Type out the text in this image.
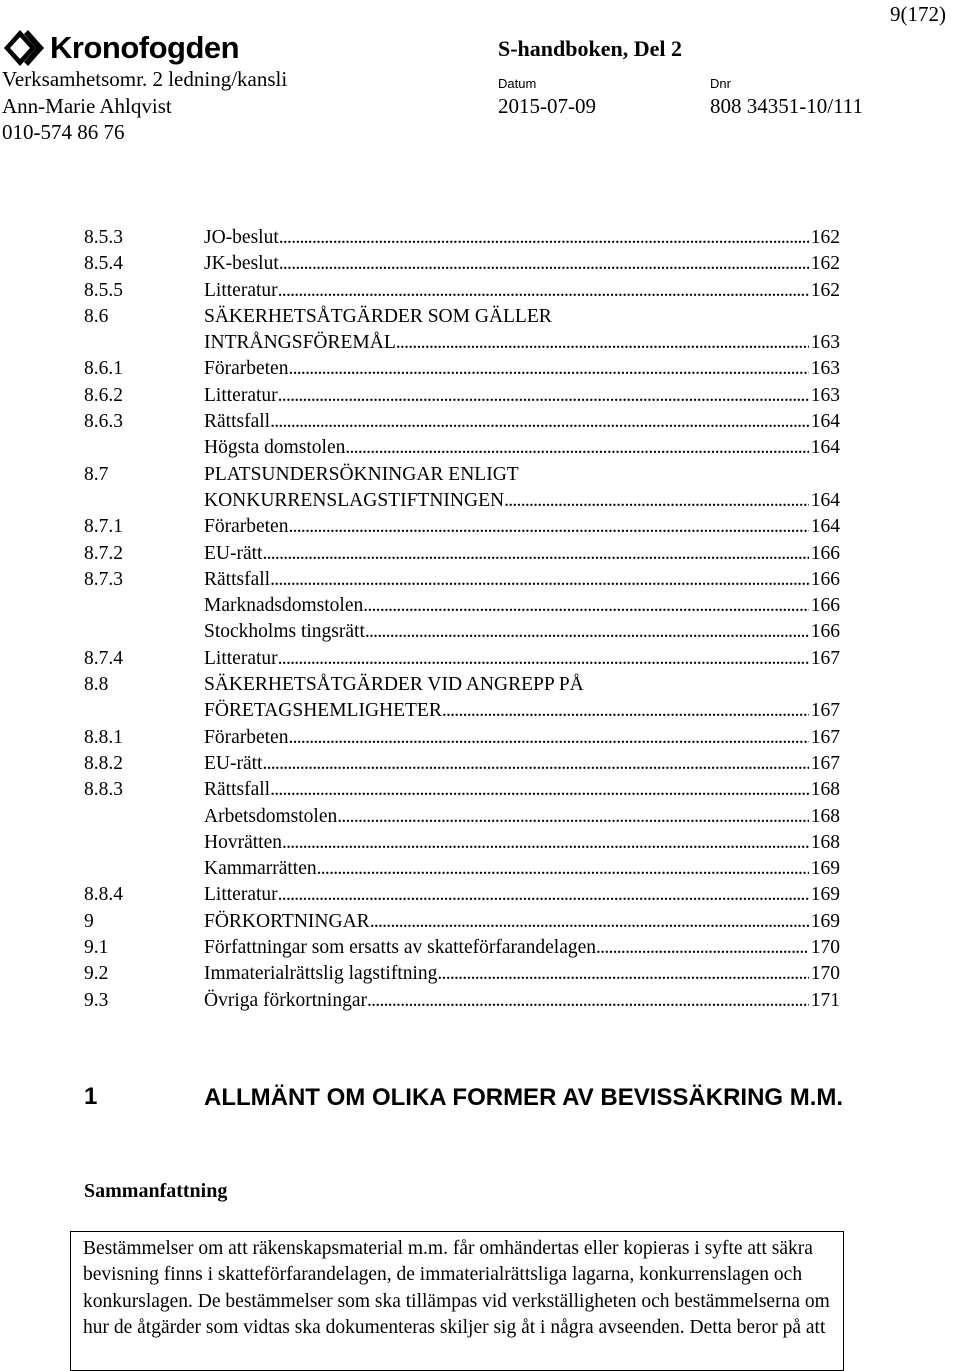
Kronofogden
9(172)
S-handboken, Del 2
Verksamhetsomr. 2 ledning/kansli	Datum	Dnr
Ann-Marie Ahlqvist	2015-07-09	808 34351-10/111
010-574 86 76
8.5.3	JO-beslut . . .	162
8.5.4	JK-beslut . . .	162
8.5.5	Litteratur . . .	162
8.6	SÄKERHETSÅTGÄRDER SOM GÄLLER
INTRÅNGSFÖREMÅL . . .	163
8.6.1	Förarbeten . . .	163
8.6.2	Litteratur . . .	163
8.6.3	Rättsfall . . .	164
Högsta domstolen . . .	164
8.7	PLATSUNDERSÖKNINGAR ENLIGT
KONKURRENSLAGSTIFTNINGEN . . .	164
8.7.1	Förarbeten . . .	164
8.7.2	EU-rätt . . .	166
8.7.3	Rättsfall . . .	166
Marknadsdomstolen . . .	166
Stockholms tingsrätt . . .	166
8.7.4	Litteratur . . .	167
8.8	SÄKERHETSÅTGÄRDER VID ANGREPP PÅ
FÖRETAGSHEMLIGHETER . . .	167
8.8.1	Förarbeten . . .	167
8.8.2	EU-rätt . . .	167
8.8.3	Rättsfall . . .	168
Arbetsdomstolen . . .	168
Hovrätten . . .	168
Kammarrätten . . .	169
8.8.4	Litteratur . . .	169
9	FÖRKORTNINGAR . . .	169
9.1	Författningar som ersatts av skatteförfarandelagen . . .	170
9.2	Immaterialrättslig lagstiftning . . .	170
9.3	Övriga förkortningar . . .	171
1	ALLMÄNT OM OLIKA FORMER AV BEVISSÄKRING M.M.
Sammanfattning
Bestämmelser om att räkenskapsmaterial m.m. får omhändertas eller kopieras i syfte att säkra bevisning finns i skatteförfarandelagen, de immaterialrättsliga lagarna, konkurrenslagen och konkurslagen. De bestämmelser som ska tillämpas vid verkställigheten och bestämmelserna om hur de åtgärder som vidtas ska dokumenteras skiljer sig åt i några avseenden. Detta beror på att
